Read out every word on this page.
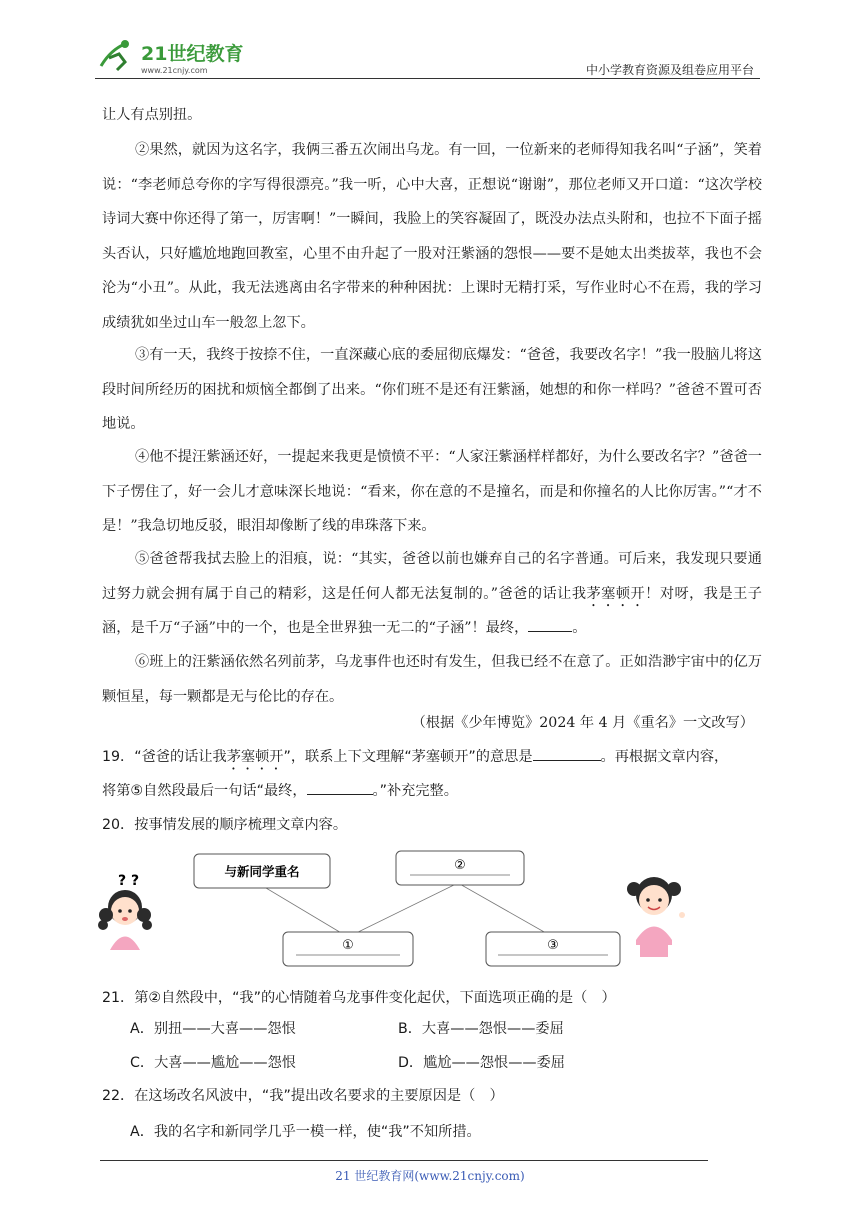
21世纪教育
www.21cnjy.com	中小学教育资源及组卷应用平台
让人有点别扭。
②果然，就因为这名字，我俩三番五次闹出乌龙。有一回，一位新来的老师得知我名叫“子涵”，笑着说：“李老师总夸你的字写得很漂亮。”我一听，心中大喜，正想说“谢谢”，那位老师又开口道：“这次学校诗词大赛中你还得了第一，厉害啊！”一瞬间，我脸上的笑容凝固了，既没办法点头附和，也拉不下面子摇头否认，只好尴尬地跑回教室，心里不由升起了一股对汪紫涵的怨恨——要不是她太出类拔萃，我也不会沦为“小丑”。从此，我无法逃离由名字带来的种种困扰：上课时无精打采，写作业时心不在焉，我的学习成绩犹如坐过山车一般忽上忽下。
③有一天，我终于按捺不住，一直深藏心底的委屈彻底爆发：“爸爸，我要改名字！”我一股脑儿将这段时间所经历的困扰和烦恼全都倒了出来。“你们班不是还有汪紫涵，她想的和你一样吗？”爸爸不置可否地说。
④他不提汪紫涵还好，一提起来我更是愤愤不平：“人家汪紫涵样样都好，为什么要改名字？”爸爸一下子愣住了，好一会儿才意味深长地说：“看来，你在意的不是撞名，而是和你撞名的人比你厉害。”“才不是！”我急切地反驳，眼泪却像断了线的串珠落下来。
⑤爸爸帮我拭去脸上的泪痕，说：“其实，爸爸以前也嫌弃自己的名字普通。可后来，我发现只要通过努力就会拥有属于自己的精彩，这是任何人都无法复制的。”爸爸的话让我茅塞顿开！对呀，我是王子涵，是千万“子涵”中的一个，也是全世界独一无二的“子涵”！最终，	。
⑥班上的汪紫涵依然名列前茅，乌龙事件也还时有发生，但我已经不在意了。正如浩渺宇宙中的亿万颗恒星，每一颗都是无与伦比的存在。
（根据《少年博览》2024 年 4 月《重名》一文改写）
19．“爸爸的话让我茅塞顿开”，联系上下文理解“茅塞顿开”的意思是	。再根据文章内容，
将第⑤自然段最后一句话“最终，	。”补充完整。
20．按事情发展的顺序梳理文章内容。
与新同学重名	②
①	③
? ?
21．第②自然段中，“我”的心情随着乌龙事件变化起伏，下面选项正确的是（　）
A．别扭——大喜——怨恨	B．大喜——怨恨——委屈
C．大喜——尴尬——怨恨	D．尴尬——怨恨——委屈
22．在这场改名风波中，“我”提出改名要求的主要原因是（　）
A．我的名字和新同学几乎一模一样，使“我”不知所措。
21 世纪教育网(www.21cnjy.com)
